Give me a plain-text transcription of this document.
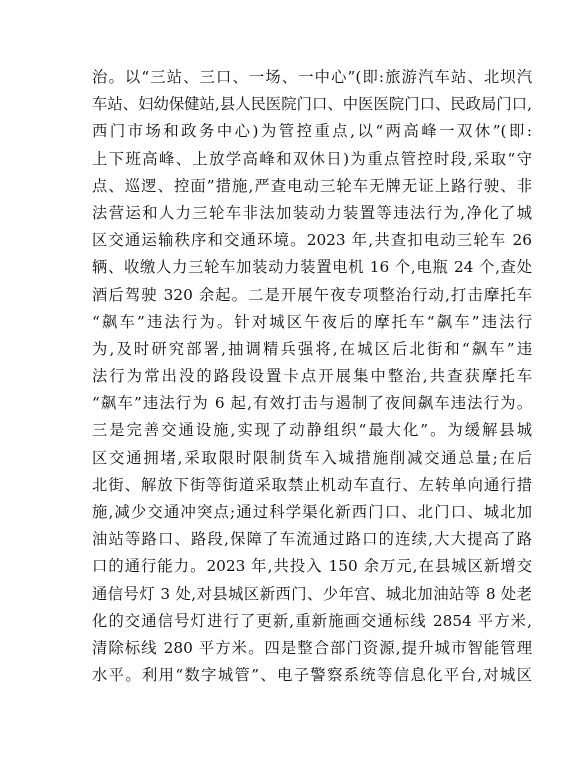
治。以“三站、三口、一场、一中心”(即:旅游汽车站、北坝汽
车站、妇幼保健站,县人民医院门口、中医医院门口、民政局门口,
西门市场和政务中心)为管控重点,以“两高峰一双休”(即:
上下班高峰、上放学高峰和双休日)为重点管控时段,采取“守
点、巡逻、控面”措施,严查电动三轮车无牌无证上路行驶、非
法营运和人力三轮车非法加装动力装置等违法行为,净化了城
区交通运输秩序和交通环境。2023 年,共查扣电动三轮车 26
辆、收缴人力三轮车加装动力装置电机 16 个,电瓶 24 个,查处
酒后驾驶 320 余起。二是开展午夜专项整治行动,打击摩托车
“飙车”违法行为。针对城区午夜后的摩托车“飙车”违法行
为,及时研究部署,抽调精兵强将,在城区后北街和“飙车”违
法行为常出没的路段设置卡点开展集中整治,共查获摩托车
“飙车”违法行为 6 起,有效打击与遏制了夜间飙车违法行为。
三是完善交通设施,实现了动静组织“最大化”。为缓解县城
区交通拥堵,采取限时限制货车入城措施削减交通总量;在后
北街、解放下街等街道采取禁止机动车直行、左转单向通行措
施,减少交通冲突点;通过科学渠化新西门口、北门口、城北加
油站等路口、路段,保障了车流通过路口的连续,大大提高了路
口的通行能力。2023 年,共投入 150 余万元,在县城区新增交
通信号灯 3 处,对县城区新西门、少年宫、城北加油站等 8 处老
化的交通信号灯进行了更新,重新施画交通标线 2854 平方米,
清除标线 280 平方米。四是整合部门资源,提升城市智能管理
水平。利用“数字城管”、电子警察系统等信息化平台,对城区
